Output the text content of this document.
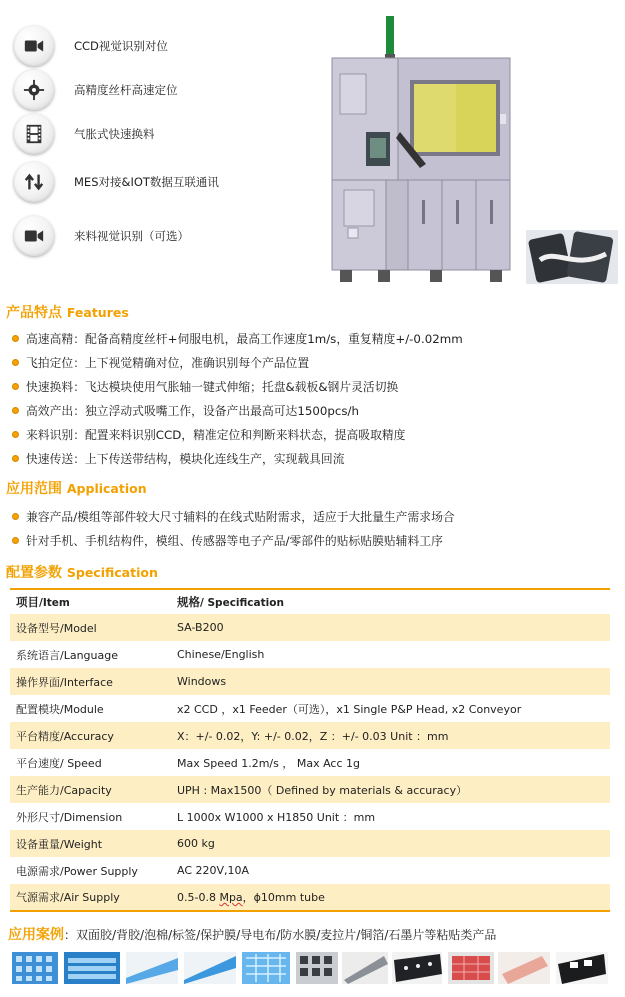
CCD视觉识别对位
高精度丝杆高速定位
气胀式快速换料
MES对接&IOT数据互联通讯
来料视觉识别（可选）
产品特点 Features
高速高精：配备高精度丝杆+伺服电机，最高工作速度1m/s，重复精度+/-0.02mm
飞拍定位：上下视觉精确对位，准确识别每个产品位置
快速换料：飞达模块使用气胀轴一键式伸缩；托盘&载板&钢片灵活切换
高效产出：独立浮动式吸嘴工作，设备产出最高可达1500pcs/h
来料识别：配置来料识别CCD，精准定位和判断来料状态，提高吸取精度
快速传送：上下传送带结构，模块化连线生产，实现载具回流
应用范围 Application
兼容产品/模组等部件较大尺寸辅料的在线式贴附需求，适应于大批量生产需求场合
针对手机、手机结构件，模组、传感器等电子产品/零部件的贴标贴膜贴辅料工序
配置参数 Specification
项目/Item	规格/ Specification
设备型号/Model	SA-B200
系统语言/Language	Chinese/English
操作界面/Interface	Windows
配置模块/Module	x2 CCD ，x1 Feeder（可选），x1 Single P&P Head, x2 Conveyor
平台精度/Accuracy	X：+/- 0.02，Y: +/- 0.02，Z ：+/- 0.03 Unit ：mm
平台速度/ Speed	Max Speed 1.2m/s ， Max Acc 1g
生产能力/Capacity	UPH : Max1500（ Defined by materials & accuracy）
外形尺寸/Dimension	L 1000x W1000 x H1850 Unit ：mm
设备重量/Weight	600 kg
电源需求/Power Supply	AC 220V,10A
气源需求/Air Supply	0.5-0.8 Mpa，ϕ10mm tube
应用案例：双面胶/背胶/泡棉/标签/保护膜/导电布/防水膜/麦拉片/铜箔/石墨片等粘贴类产品
